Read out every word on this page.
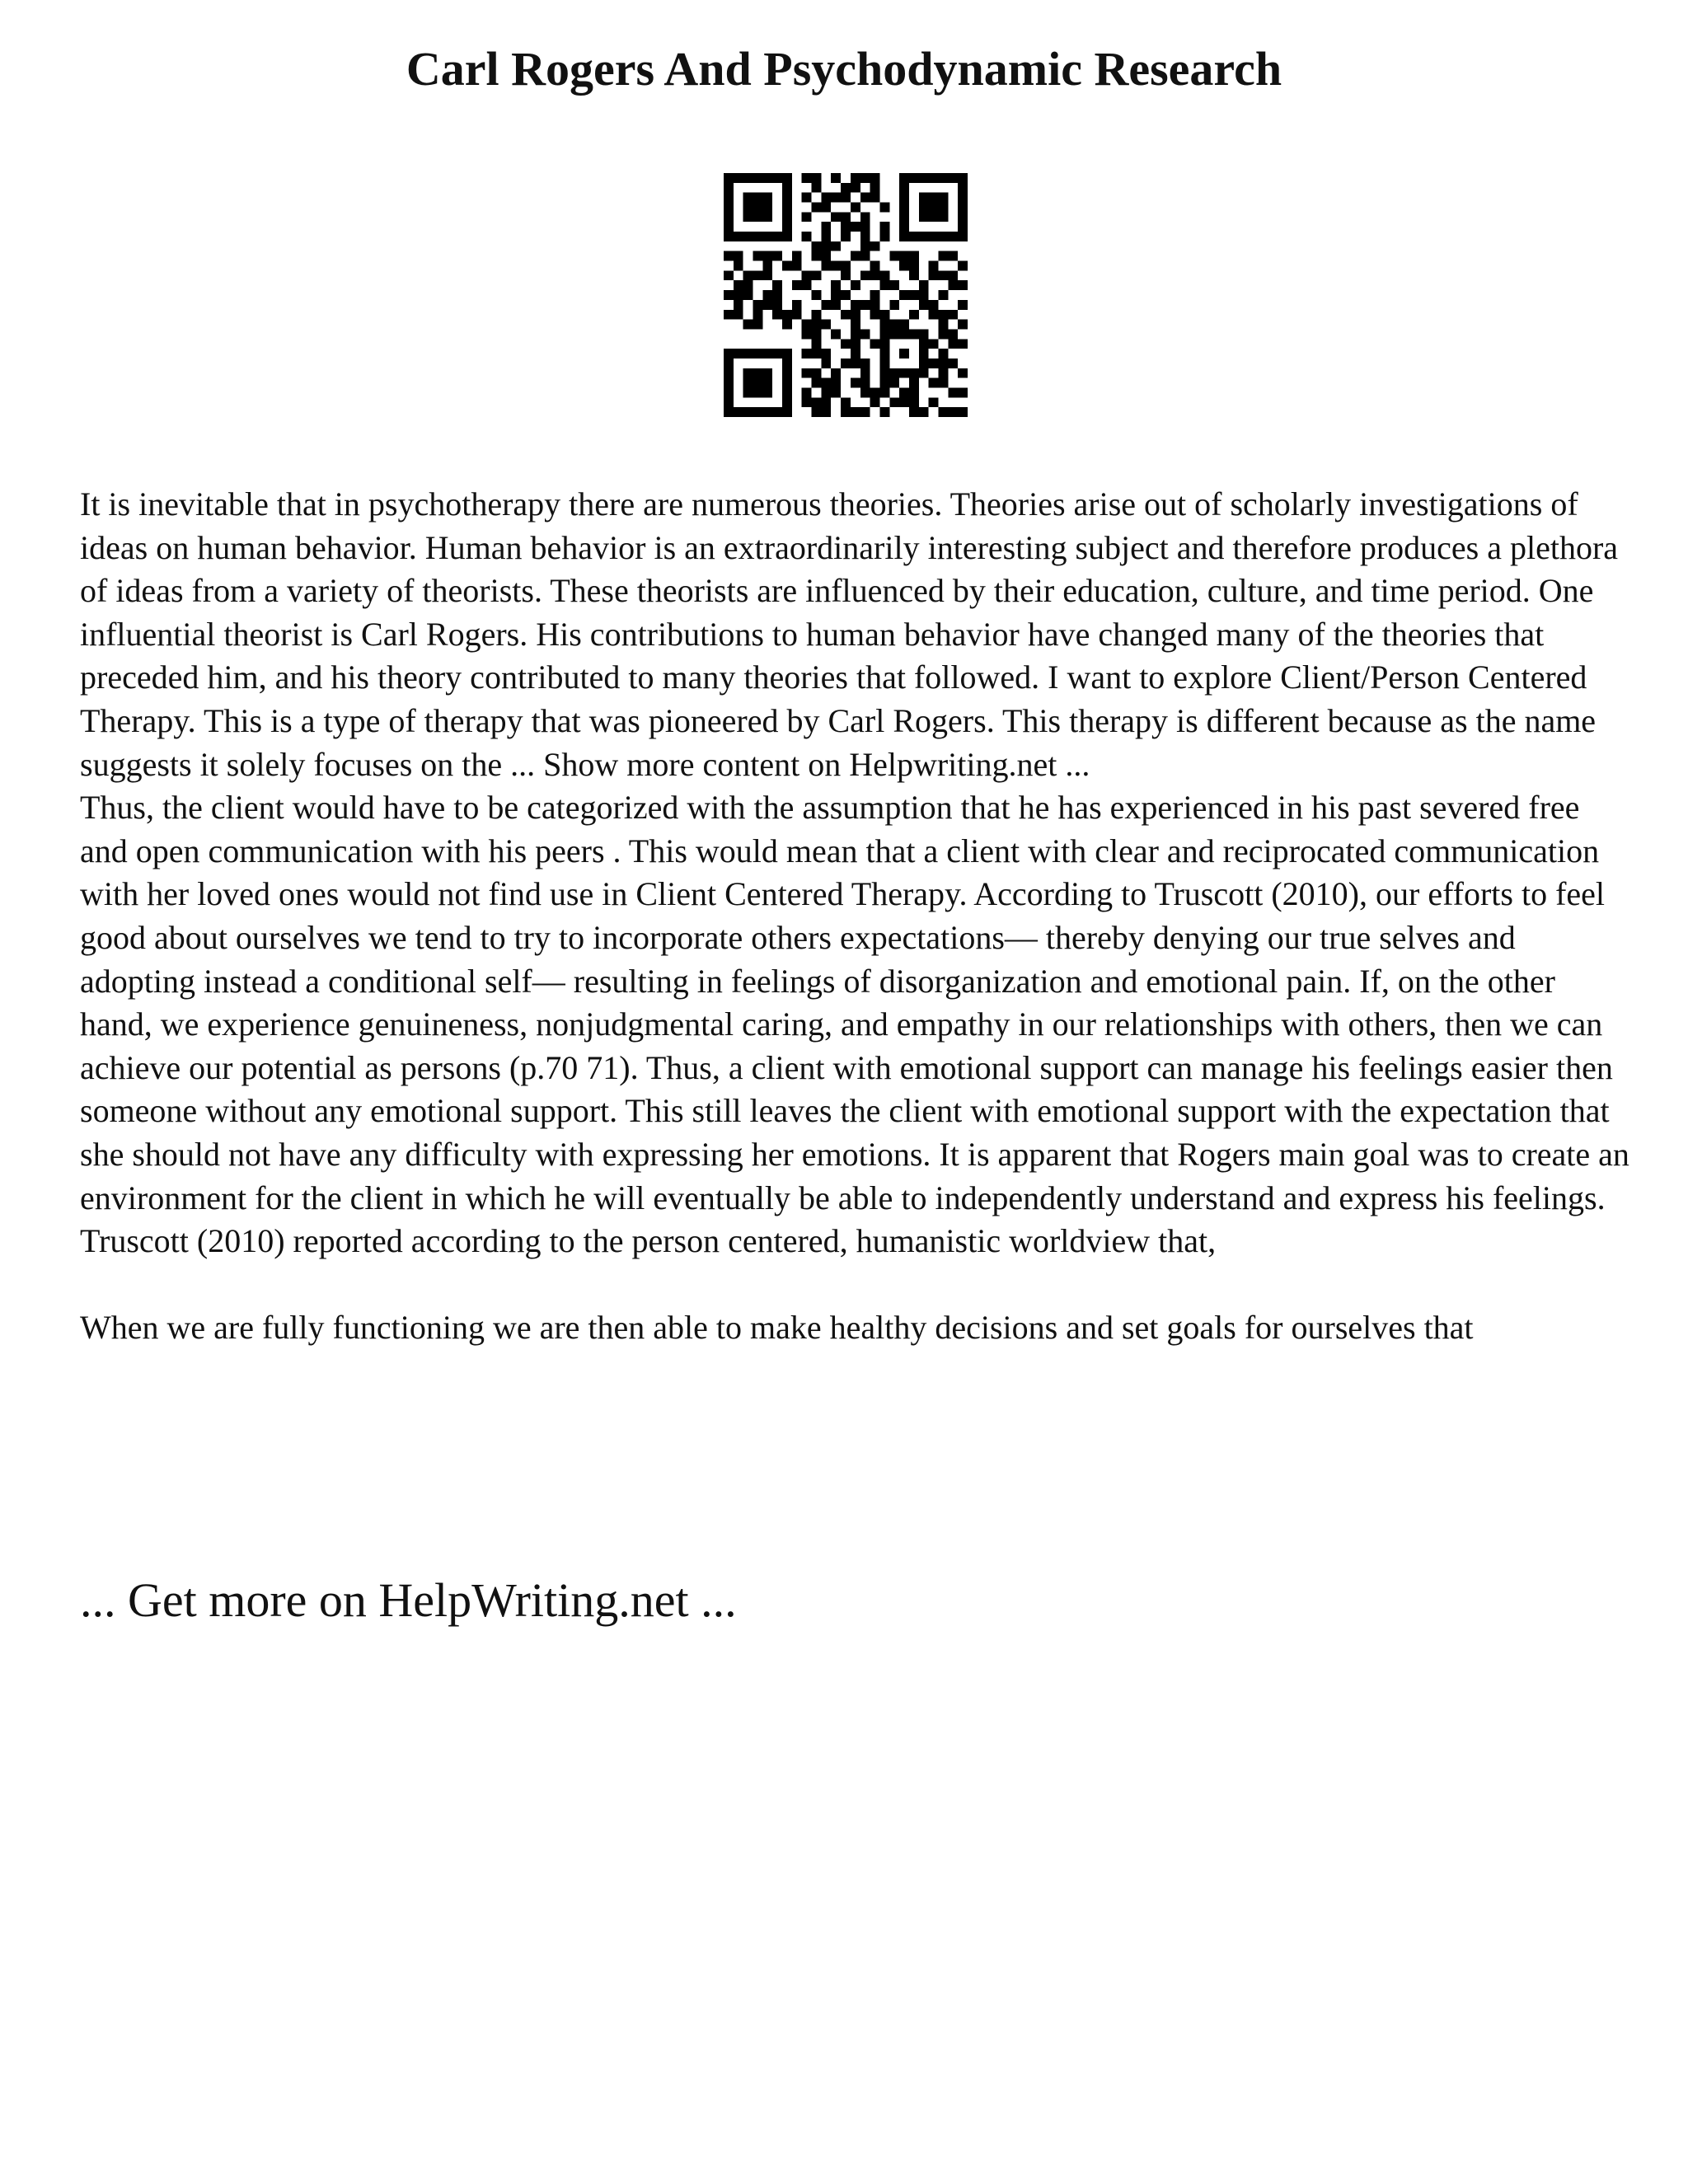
Carl Rogers And Psychodynamic Research

It is inevitable that in psychotherapy there are numerous theories. Theories arise out of scholarly investigations of ideas on human behavior. Human behavior is an extraordinarily interesting subject and therefore produces a plethora of ideas from a variety of theorists. These theorists are influenced by their education, culture, and time period. One influential theorist is Carl Rogers. His contributions to human behavior have changed many of the theories that preceded him, and his theory contributed to many theories that followed. I want to explore Client/Person Centered Therapy. This is a type of therapy that was pioneered by Carl Rogers. This therapy is different because as the name suggests it solely focuses on the ... Show more content on Helpwriting.net ...

Thus, the client would have to be categorized with the assumption that he has experienced in his past severed free and open communication with his peers . This would mean that a client with clear and reciprocated communication with her loved ones would not find use in Client Centered Therapy. According to Truscott (2010), our efforts to feel good about ourselves we tend to try to incorporate others expectations— thereby denying our true selves and adopting instead a conditional self— resulting in feelings of disorganization and emotional pain. If, on the other hand, we experience genuineness, nonjudgmental caring, and empathy in our relationships with others, then we can achieve our potential as persons (p.70 71). Thus, a client with emotional support can manage his feelings easier then someone without any emotional support. This still leaves the client with emotional support with the expectation that she should not have any difficulty with expressing her emotions. It is apparent that Rogers main goal was to create an environment for the client in which he will eventually be able to independently understand and express his feelings. Truscott (2010) reported according to the person centered, humanistic worldview that,

When we are fully functioning we are then able to make healthy decisions and set goals for ourselves that

... Get more on HelpWriting.net ...
